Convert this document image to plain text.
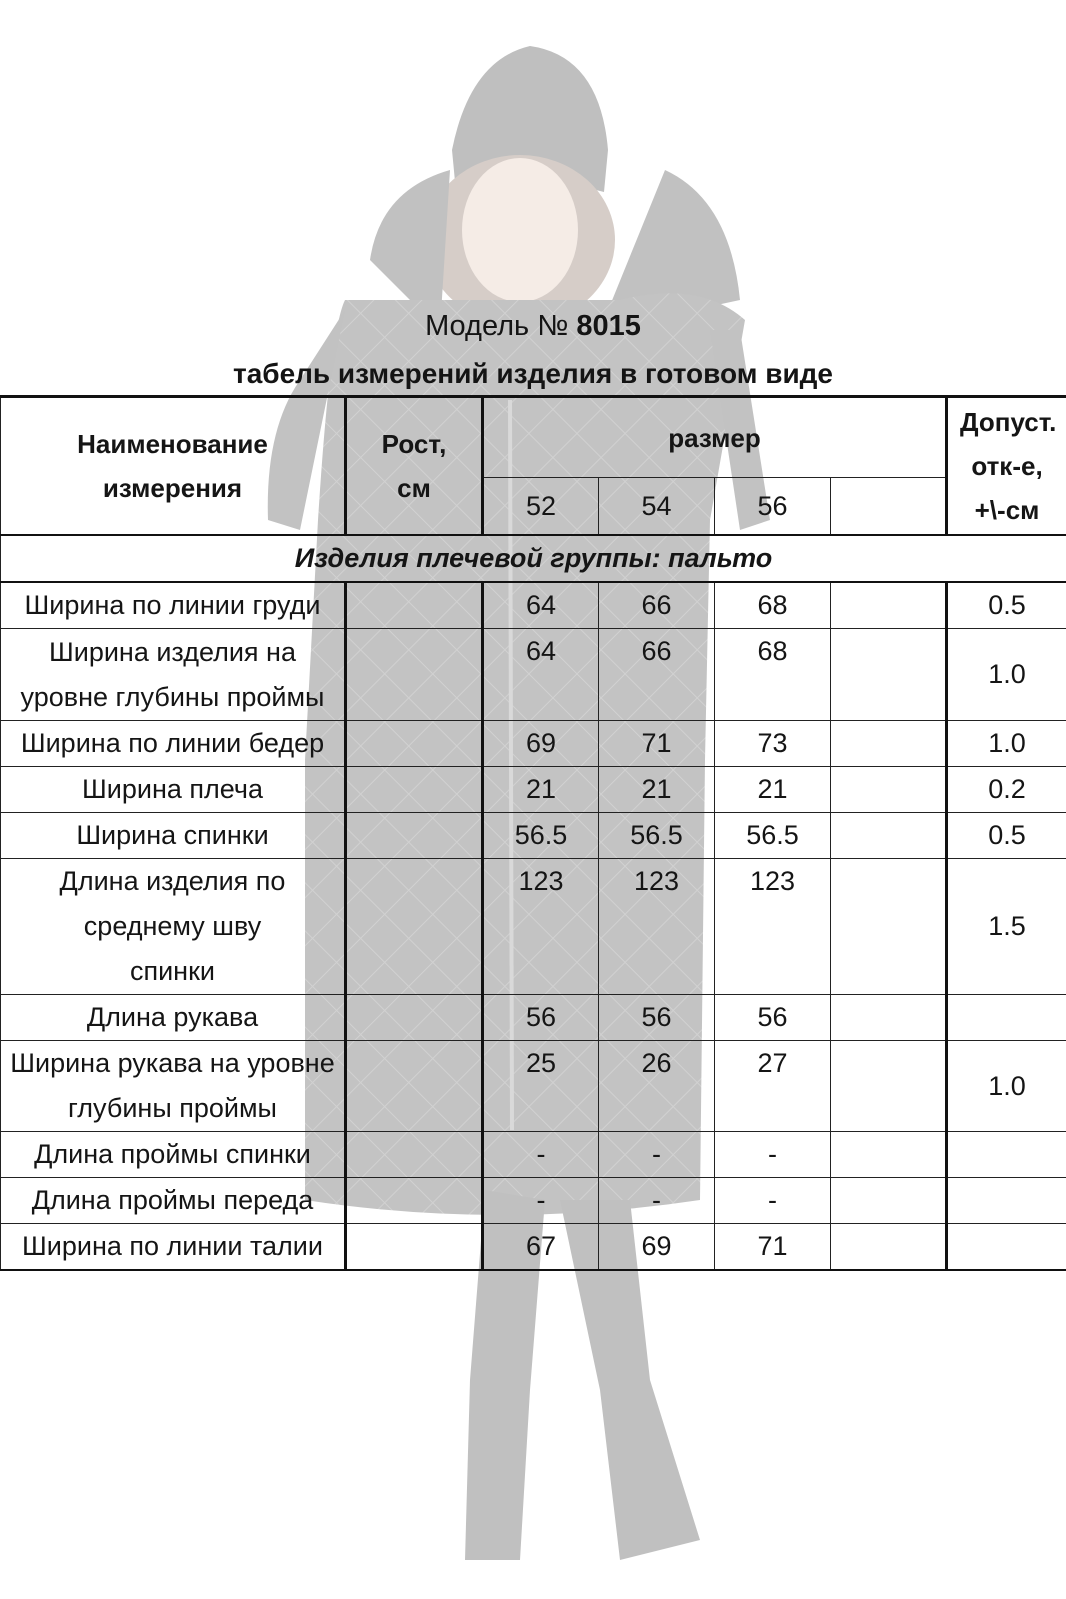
Модель № 8015
табель измерений изделия в готовом виде
Наименование измерения	Рост, см	размер				Допуст. отк-е, +\-см
		52	54	56		
Изделия плечевой группы: пальто						
Ширина по линии груди		64	66	68		0.5
Ширина изделия на уровне глубины проймы		64	66	68		1.0
Ширина по линии бедер		69	71	73		1.0
Ширина плеча		21	21	21		0.2
Ширина спинки		56.5	56.5	56.5		0.5
Длина изделия по среднему шву спинки		123	123	123		1.5
Длина рукава		56	56	56		
Ширина рукава на уровне глубины проймы		25	26	27		1.0
Длина проймы спинки		-	-	-		
Длина проймы переда		-	-	-		
Ширина по линии талии		67	69	71		
